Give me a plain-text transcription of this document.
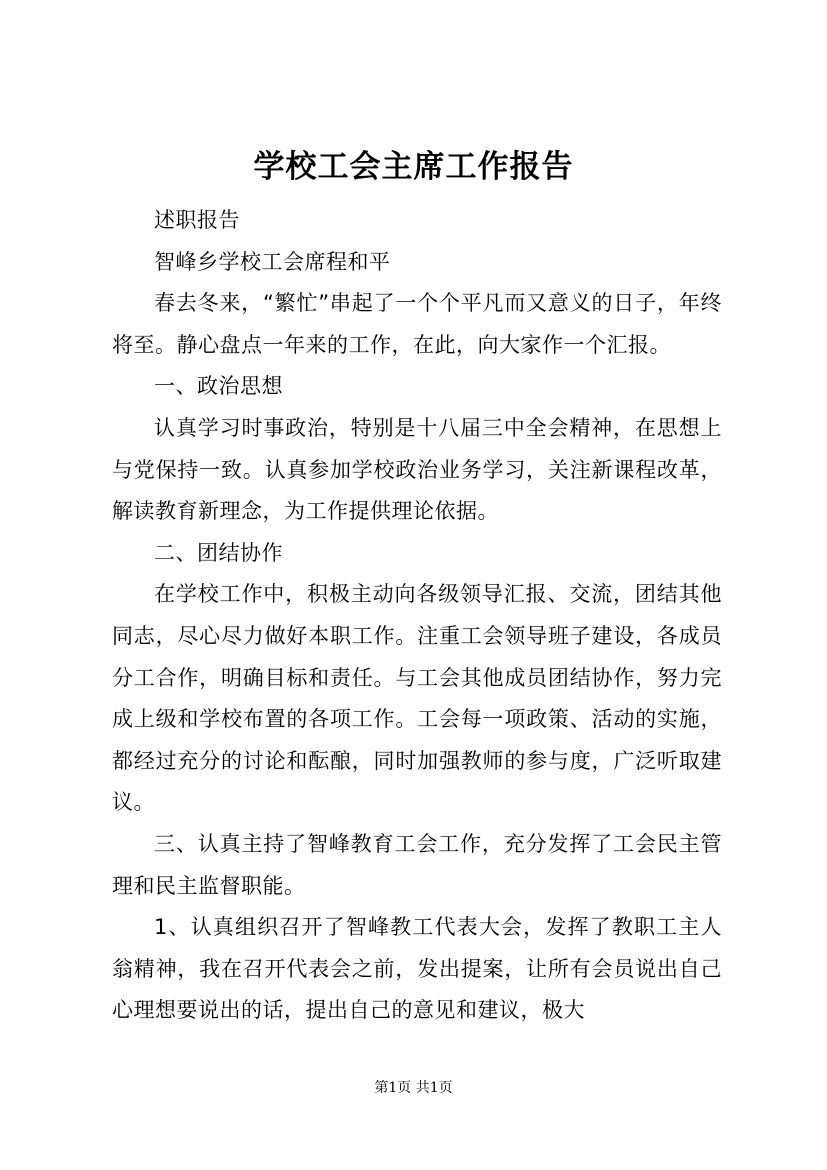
学校工会主席工作报告

述职报告

智峰乡学校工会席程和平

春去冬来，“繁忙”串起了一个个平凡而又意义的日子，年终将至。静心盘点一年来的工作，在此，向大家作一个汇报。

一、政治思想

认真学习时事政治，特别是十八届三中全会精神，在思想上与党保持一致。认真参加学校政治业务学习，关注新课程改革，解读教育新理念，为工作提供理论依据。

二、团结协作

在学校工作中，积极主动向各级领导汇报、交流，团结其他同志，尽心尽力做好本职工作。注重工会领导班子建设，各成员分工合作，明确目标和责任。与工会其他成员团结协作，努力完成上级和学校布置的各项工作。工会每一项政策、活动的实施，都经过充分的讨论和酝酿，同时加强教师的参与度，广泛听取建议。

三、认真主持了智峰教育工会工作，充分发挥了工会民主管理和民主监督职能。

1、认真组织召开了智峰教工代表大会，发挥了教职工主人翁精神，我在召开代表会之前，发出提案，让所有会员说出自己心理想要说出的话，提出自己的意见和建议，极大

第1页 共1页
